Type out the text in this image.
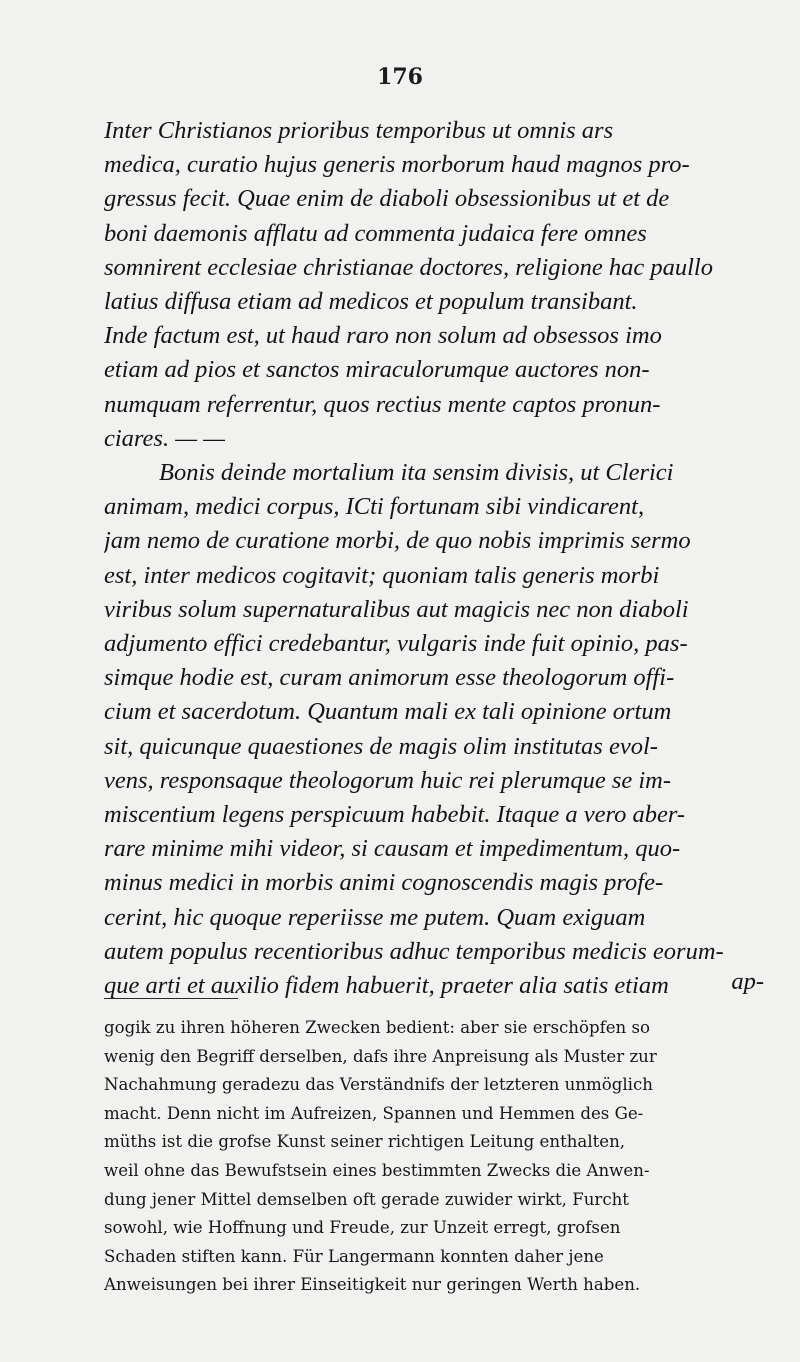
176
Inter Christianos prioribus temporibus ut omnis ars
medica, curatio hujus generis morborum haud magnos pro-
gressus fecit. Quae enim de diaboli obsessionibus ut et de
boni daemonis afflatu ad commenta judaica fere omnes
somnirent ecclesiae christianae doctores, religione hac paullo
latius diffusa etiam ad medicos et populum transibant.
Inde factum est, ut haud raro non solum ad obsessos imo
etiam ad pios et sanctos miraculorumque auctores non-
numquam referrentur, quos rectius mente captos pronun-
ciares. — —
Bonis deinde mortalium ita sensim divisis, ut Clerici
animam, medici corpus, ICti fortunam sibi vindicarent,
jam nemo de curatione morbi, de quo nobis imprimis sermo
est, inter medicos cogitavit; quoniam talis generis morbi
viribus solum supernaturalibus aut magicis nec non diaboli
adjumento effici credebantur, vulgaris inde fuit opinio, pas-
simque hodie est, curam animorum esse theologorum offi-
cium et sacerdotum. Quantum mali ex tali opinione ortum
sit, quicunque quaestiones de magis olim institutas evol-
vens, responsaque theologorum huic rei plerumque se im-
miscentium legens perspicuum habebit. Itaque a vero aber-
rare minime mihi videor, si causam et impedimentum, quo-
minus medici in morbis animi cognoscendis magis profe-
cerint, hic quoque reperiisse me putem. Quam exiguam
autem populus recentioribus adhuc temporibus medicis eorum-
que arti et auxilio fidem habuerit, praeter alia satis etiam	ap-
gogik zu ihren höheren Zwecken bedient: aber sie erschöpfen so
wenig den Begriff derselben, dafs ihre Anpreisung als Muster zur
Nachahmung geradezu das Verständnifs der letzteren unmöglich
macht. Denn nicht im Aufreizen, Spannen und Hemmen des Ge-
müths ist die grofse Kunst seiner richtigen Leitung enthalten,
weil ohne das Bewufstsein eines bestimmten Zwecks die Anwen-
dung jener Mittel demselben oft gerade zuwider wirkt, Furcht
sowohl, wie Hoffnung und Freude, zur Unzeit erregt, grofsen
Schaden stiften kann. Für Langermann konnten daher jene
Anweisungen bei ihrer Einseitigkeit nur geringen Werth haben.
